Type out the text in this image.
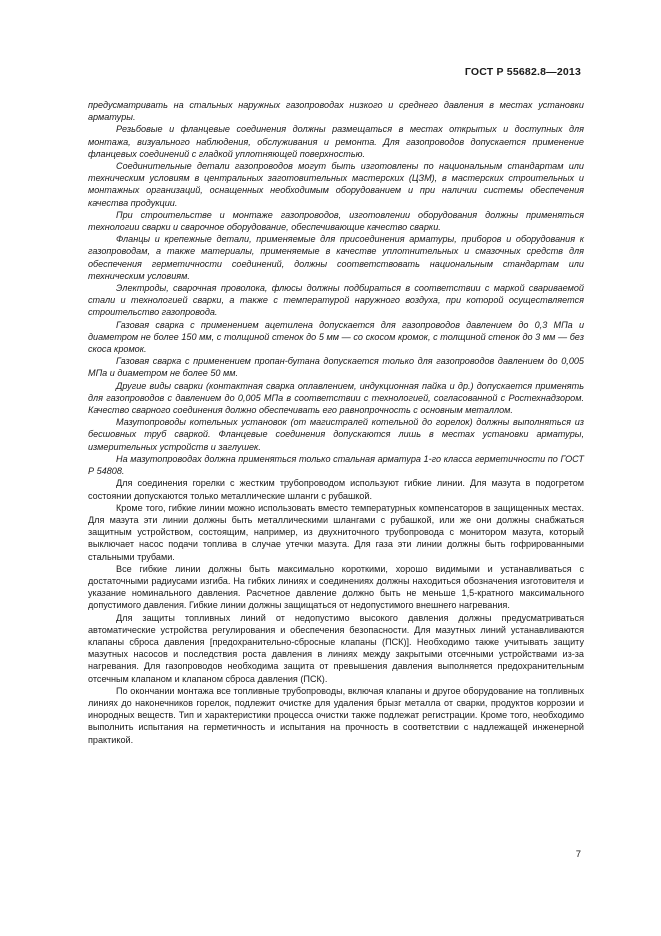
ГОСТ Р 55682.8—2013

предусматривать на стальных наружных газопроводах низкого и среднего давления в местах установки арматуры.

Резьбовые и фланцевые соединения должны размещаться в местах открытых и доступных для монтажа, визуального наблюдения, обслуживания и ремонта. Для газопроводов допускается применение фланцевых соединений с гладкой уплотняющей поверхностью.

Соединительные детали газопроводов могут быть изготовлены по национальным стандартам или техническим условиям в центральных заготовительных мастерских (ЦЗМ), в мастерских строительных и монтажных организаций, оснащенных необходимым оборудованием и при наличии системы обеспечения качества продукции.

При строительстве и монтаже газопроводов, изготовлении оборудования должны применяться технологии сварки и сварочное оборудование, обеспечивающие качество сварки.

Фланцы и крепежные детали, применяемые для присоединения арматуры, приборов и оборудования к газопроводам, а также материалы, применяемые в качестве уплотнительных и смазочных средств для обеспечения герметичности соединений, должны соответствовать национальным стандартам или техническим условиям.

Электроды, сварочная проволока, флюсы должны подбираться в соответствии с маркой свариваемой стали и технологией сварки, а также с температурой наружного воздуха, при которой осуществляется строительство газопровода.

Газовая сварка с применением ацетилена допускается для газопроводов давлением до 0,3 МПа и диаметром не более 150 мм, с толщиной стенок до 5 мм — со скосом кромок, с толщиной стенок до 3 мм — без скоса кромок.

Газовая сварка с применением пропан-бутана допускается только для газопроводов давлением до 0,005 МПа и диаметром не более 50 мм.

Другие виды сварки (контактная сварка оплавлением, индукционная пайка и др.) допускается применять для газопроводов с давлением до 0,005 МПа в соответствии с технологией, согласованной с Ростехнадзором. Качество сварного соединения должно обеспечивать его равнопрочность с основным металлом.

Мазутопроводы котельных установок (от магистралей котельной до горелок) должны выполняться из бесшовных труб сваркой. Фланцевые соединения допускаются лишь в местах установки арматуры, измерительных устройств и заглушек.

На мазутопроводах должна применяться только стальная арматура 1-го класса герметичности по ГОСТ Р 54808.

Для соединения горелки с жестким трубопроводом используют гибкие линии. Для мазута в подогретом состоянии допускаются только металлические шланги с рубашкой.

Кроме того, гибкие линии можно использовать вместо температурных компенсаторов в защищенных местах. Для мазута эти линии должны быть металлическими шлангами с рубашкой, или же они должны снабжаться защитным устройством, состоящим, например, из двухниточного трубопровода с монитором мазута, который выключает насос подачи топлива в случае утечки мазута. Для газа эти линии должны быть гофрированными стальными трубами.

Все гибкие линии должны быть максимально короткими, хорошо видимыми и устанавливаться с достаточными радиусами изгиба. На гибких линиях и соединениях должны находиться обозначения изготовителя и указание номинального давления. Расчетное давление должно быть не меньше 1,5-кратного максимального допустимого давления. Гибкие линии должны защищаться от недопустимого внешнего нагревания.

Для защиты топливных линий от недопустимо высокого давления должны предусматриваться автоматические устройства регулирования и обеспечения безопасности. Для мазутных линий устанавливаются клапаны сброса давления [предохранительно-сбросные клапаны (ПСК)]. Необходимо также учитывать защиту мазутных насосов и последствия роста давления в линиях между закрытыми отсечными устройствами из-за нагревания. Для газопроводов необходима защита от превышения давления выполняется предохранительным отсечным клапаном и клапаном сброса давления (ПСК).

По окончании монтажа все топливные трубопроводы, включая клапаны и другое оборудование на топливных линиях до наконечников горелок, подлежит очистке для удаления брызг металла от сварки, продуктов коррозии и инородных веществ. Тип и характеристики процесса очистки также подлежат регистрации. Кроме того, необходимо выполнить испытания на герметичность и испытания на прочность в соответствии с надлежащей инженерной практикой.

7
